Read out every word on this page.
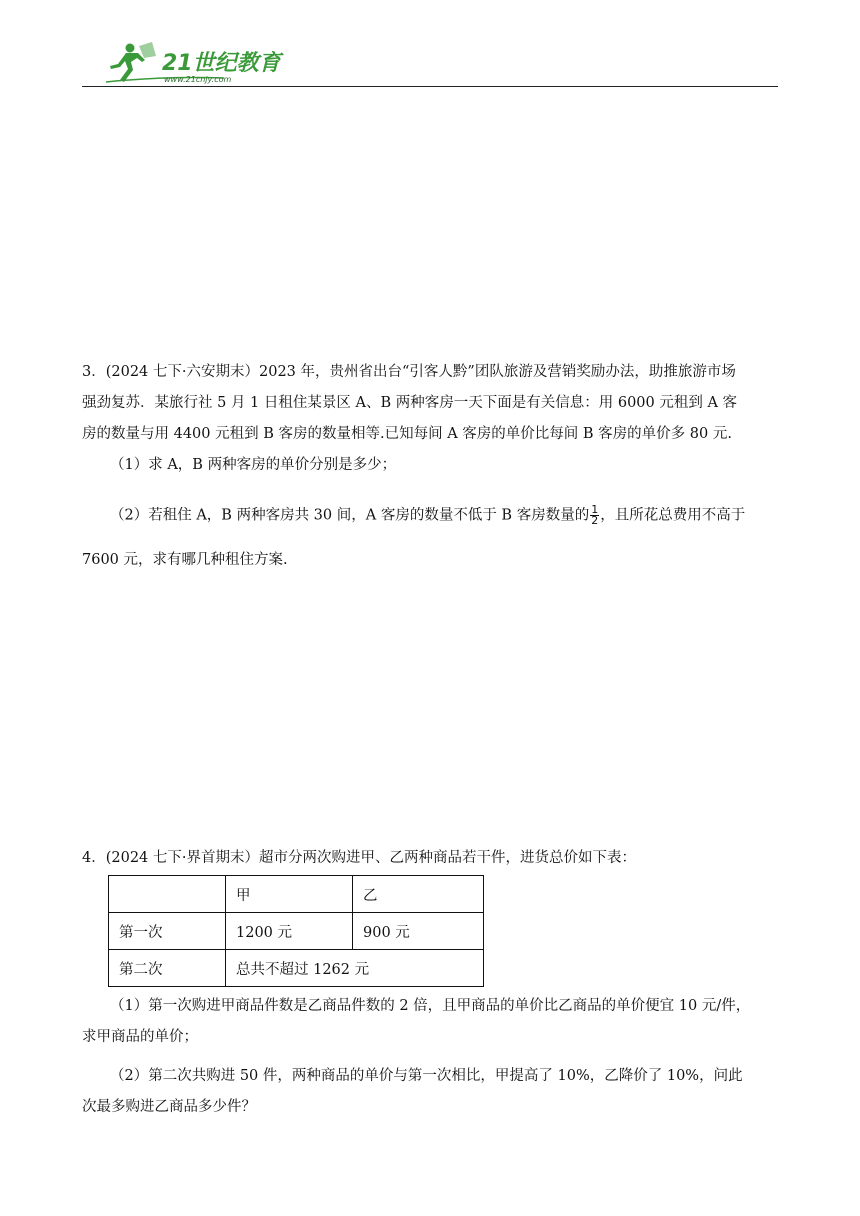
21世纪教育
www.21cnjy.com
3．(2024 七下·六安期末）2023 年，贵州省出台“引客人黔”团队旅游及营销奖励办法，助推旅游市场
强劲复苏．某旅行社 5 月 1 日租住某景区 A、B 两种客房一天下面是有关信息：用 6000 元租到 A 客
房的数量与用 4400 元租到 B 客房的数量相等.已知每间 A 客房的单价比每间 B 客房的单价多 80 元.
（1）求 A，B 两种客房的单价分别是多少；
（2）若租住 A，B 两种客房共 30 间，A 客房的数量不低于 B 客房数量的 $\frac{1}{2}$ ，且所花总费用不高于
7600 元，求有哪几种租住方案.
4．(2024 七下·界首期末）超市分两次购进甲、乙两种商品若干件，进货总价如下表：
	甲	乙
第一次	1200 元	900 元
第二次	总共不超过 1262 元	
（1）第一次购进甲商品件数是乙商品件数的 2 倍，且甲商品的单价比乙商品的单价便宜 10 元/件，
求甲商品的单价；
（2）第二次共购进 50 件，两种商品的单价与第一次相比，甲提高了 10%，乙降价了 10%，问此
次最多购进乙商品多少件？
